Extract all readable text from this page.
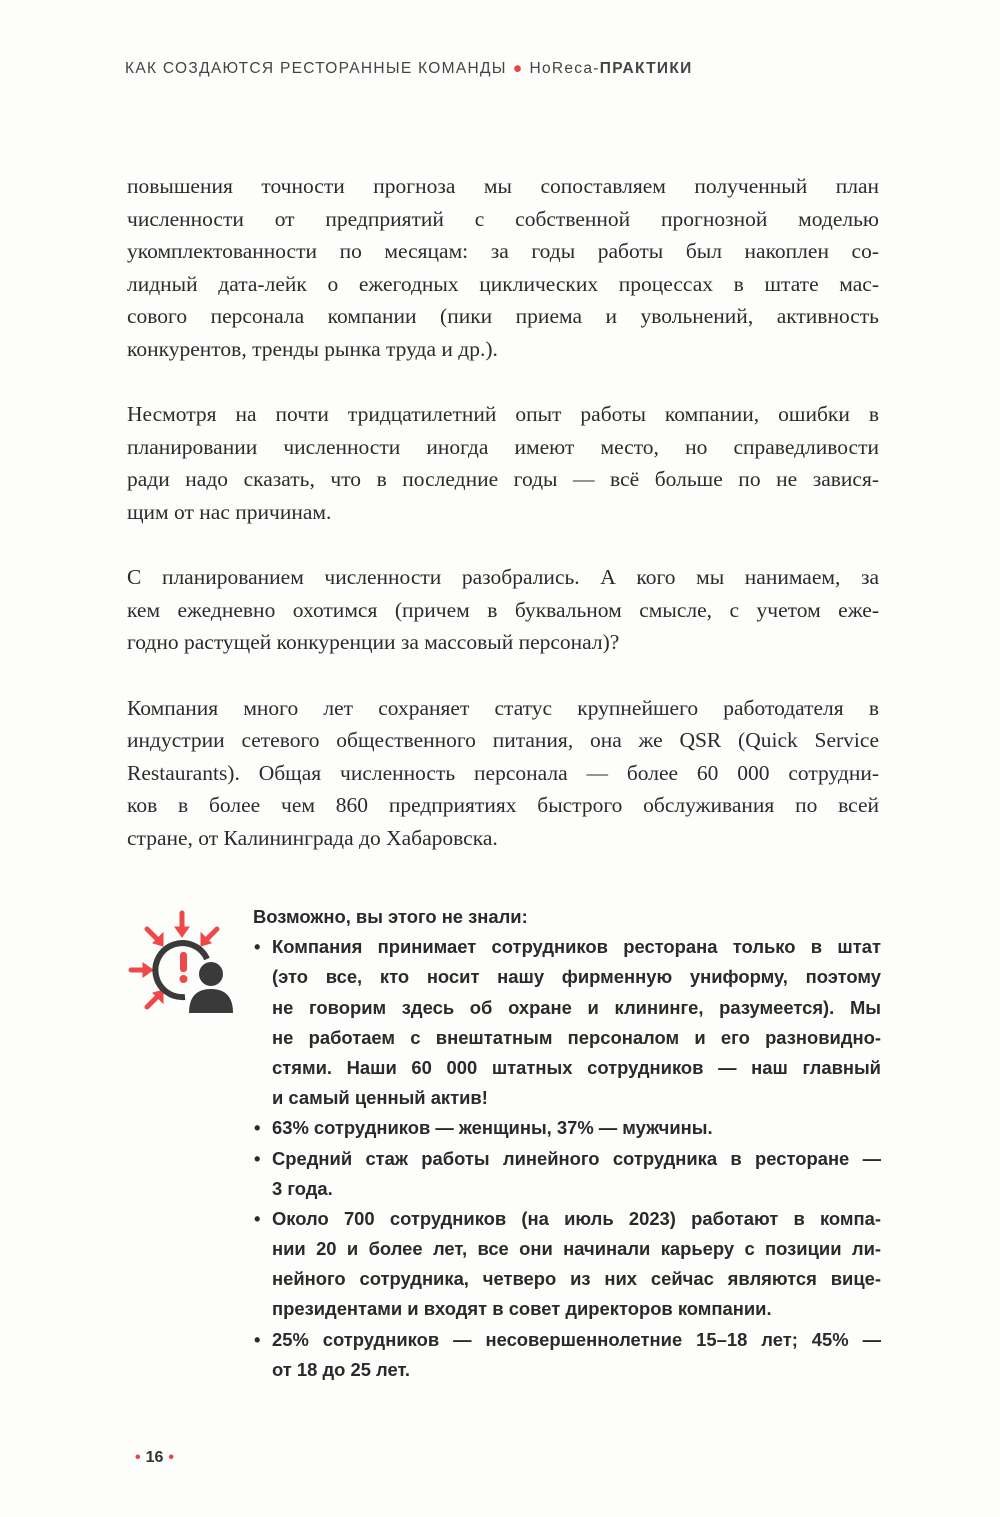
КАК СОЗДАЮТСЯ РЕСТОРАННЫЕ КОМАНДЫ ● HoReca-ПРАКТИКИ
повышения точности прогноза мы сопоставляем полученный план
численности от предприятий с собственной прогнозной моделью
укомплектованности по месяцам: за годы работы был накоплен со-
лидный дата-лейк о ежегодных циклических процессах в штате мас-
сового персонала компании (пики приема и увольнений, активность
конкурентов, тренды рынка труда и др.).
Несмотря на почти тридцатилетний опыт работы компании, ошибки в
планировании численности иногда имеют место, но справедливости
ради надо сказать, что в последние годы — всё больше по не завися-
щим от нас причинам.
С планированием численности разобрались. А кого мы нанимаем, за
кем ежедневно охотимся (причем в буквальном смысле, с учетом еже-
годно растущей конкуренции за массовый персонал)?
Компания много лет сохраняет статус крупнейшего работодателя в
индустрии сетевого общественного питания, она же QSR (Quick Service
Restaurants). Общая численность персонала — более 60 000 сотрудни-
ков в более чем 860 предприятиях быстрого обслуживания по всей
стране, от Калининграда до Хабаровска.
Возможно, вы этого не знали:
• Компания принимает сотрудников ресторана только в штат
(это все, кто носит нашу фирменную униформу, поэтому
не говорим здесь об охране и клининге, разумеется). Мы
не работаем с внештатным персоналом и его разновидно-
стями. Наши 60 000 штатных сотрудников — наш главный
и самый ценный актив!
• 63% сотрудников — женщины, 37% — мужчины.
• Средний стаж работы линейного сотрудника в ресторане —
3 года.
• Около 700 сотрудников (на июль 2023) работают в компа-
нии 20 и более лет, все они начинали карьеру с позиции ли-
нейного сотрудника, четверо из них сейчас являются вице-
президентами и входят в совет директоров компании.
• 25% сотрудников — несовершеннолетние 15–18 лет; 45% —
от 18 до 25 лет.
• 16 •
